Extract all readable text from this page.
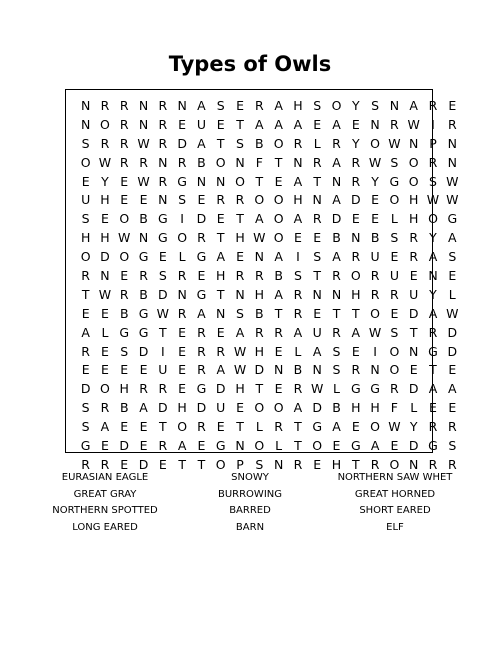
Types of Owls
N R R N R N A S E R A H S O Y S N A R E
N O R N R E U E T A A A E A E N R W I	R
S R R W R D A T S B O R L R Y O W N P N
O W R R N R B O N F T N R A R W S O R N
E Y E W R G N N O T E A T N R Y G O S W
U H E E N S E R R O O H N A D E O H W W
S E O B G	I	D E T A O A R D E E L H O G
H H W N G O R T H W O E E B N B S R Y A
O D O G E L G A E N A	I	S A R U E R A S
R N E R S R E H R R B S T R O R U E N E
T W R B D N G T N H A R N N H R R U Y L
E E B G W R A N S B T R E T T O E D A W
A L G G T E R E A R R A U R A W S T R D
R E S D	I	E R R W H E L A S E	I	O N G D
E E E E U E R A W D N B N S R N O E T E
D O H R R E G D H T E R W L G G R D A A
S R B A D H D U E O O A D B H H F L E E
S A E E T O R E T L R T G A E O W Y R R
G E D E R A E G N O L T O E G A E D G S
R R E D E T T O P S N R E H T R O N R R
EURASIAN EAGLE
GREAT GRAY
NORTHERN SPOTTED
LONG EARED
SNOWY
BURROWING
BARRED
BARN
NORTHERN SAW WHET
GREAT HORNED
SHORT EARED
ELF
